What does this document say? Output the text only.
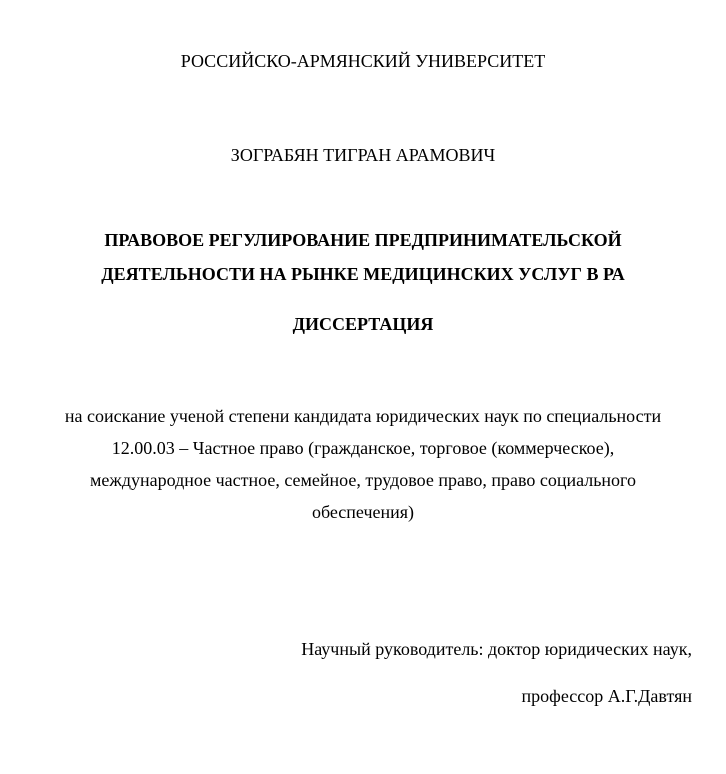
РОССИЙСКО-АРМЯНСКИЙ УНИВЕРСИТЕТ
ЗОГРАБЯН ТИГРАН АРАМОВИЧ
ПРАВОВОЕ РЕГУЛИРОВАНИЕ ПРЕДПРИНИМАТЕЛЬСКОЙ
ДЕЯТЕЛЬНОСТИ НА РЫНКЕ МЕДИЦИНСКИХ УСЛУГ В РА
ДИССЕРТАЦИЯ
на соискание ученой степени кандидата юридических наук по специальности
12.00.03 – Частное право (гражданское, торговое (коммерческое),
международное частное, семейное, трудовое право, право социального
обеспечения)
Научный руководитель: доктор юридических наук,
профессор А.Г.Давтян
